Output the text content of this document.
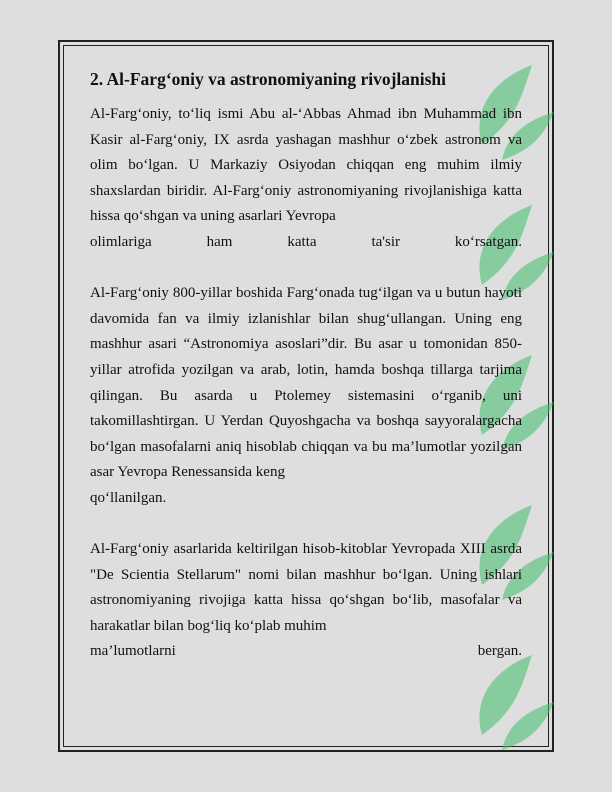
2. Al-Farg‘oniy va astronomiyaning rivojlanishi

Al-Farg‘oniy, to‘liq ismi Abu al-‘Abbas Ahmad ibn Muhammad ibn Kasir al-Farg‘oniy, IX asrda yashagan mashhur o‘zbek astronom va olim bo‘lgan. U Markaziy Osiyodan chiqqan eng muhim ilmiy shaxslardan biridir. Al-Farg‘oniy astronomiyaning rivojlanishiga katta hissa qo‘shgan va uning asarlari Yevropa

olimlariga ham katta ta'sir ko‘rsatgan.

Al-Farg‘oniy 800-yillar boshida Farg‘onada tug‘ilgan va u butun hayoti davomida fan va ilmiy izlanishlar bilan shug‘ullangan. Uning eng mashhur asari “Astronomiya asoslari”dir. Bu asar u tomonidan 850-yillar atrofida yozilgan va arab, lotin, hamda boshqa tillarga tarjima qilingan. Bu asarda u Ptolemey sistemasini o‘rganib, uni takomillashtirgan. U Yerdan Quyoshgacha va boshqa sayyoralargacha bo‘lgan masofalarni aniq hisoblab chiqqan va bu ma’lumotlar yozilgan asar Yevropa Renessansida keng

qo‘llanilgan.

Al-Farg‘oniy asarlarida keltirilgan hisob-kitoblar Yevropada XIII asrda "De Scientia Stellarum" nomi bilan mashhur bo‘lgan. Uning ishlari astronomiyaning rivojiga katta hissa qo‘shgan bo‘lib, masofalar va harakatlar bilan bog‘liq ko‘plab muhim

ma’lumotlarni bergan.
